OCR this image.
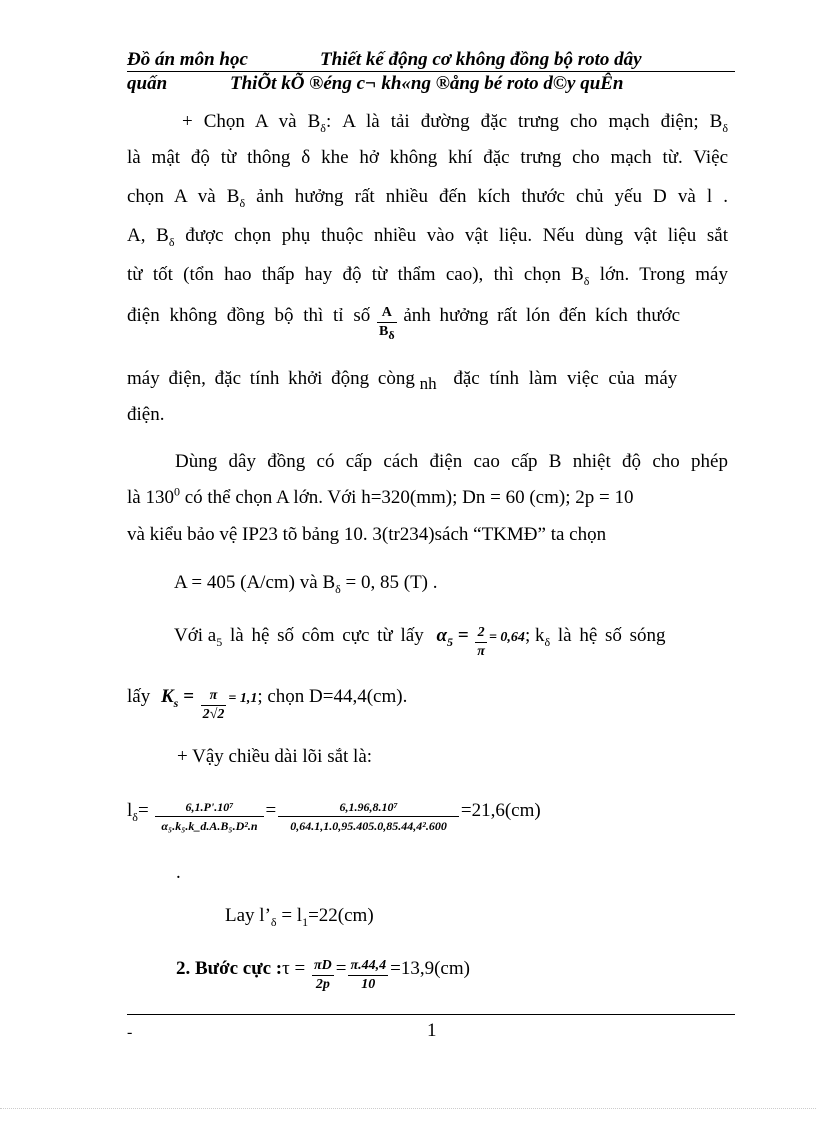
Đồ án môn học	Thiết kế động cơ không đồng bộ roto dây
quấn	ThiÕt kÕ ®éng c¬ kh«ng ®ång bé roto d©y quÊn
+ Chọn A và $B_\delta$: A là tải đường đặc trưng cho mạch điện; $B_\delta$
là mật độ từ thông δ khe hở không khí đặc trưng cho mạch từ. Việc
chọn A và $B_\delta$ ảnh hưởng rất nhiều đến kích thước chủ yếu D và l .
A, $B_\delta$ được chọn phụ thuộc nhiều vào vật liệu. Nếu dùng vật liệu sắt
từ tốt (tổn hao thấp hay độ từ thẩm cao), thì chọn $B_\delta$ lớn. Trong máy
điện không đồng bộ thì tỉ số $\frac{A}{B_\delta}$ ảnh hưởng rất lón đến kích thước
máy điện, đặc tính khởi động còng $_{nh}$ đặc tính làm việc của máy
điện.
Dùng dây đồng có cấp cách điện cao cấp B nhiệt độ cho phép
là $130^0$ có thể chọn A lớn. Với h=320(mm); Dn = 60 (cm); 2p = 10
và kiểu bảo vệ IP23 tõ bảng 10. 3(tr234)sách “TKMĐ” ta chọn
A = 405 (A/cm) và $B_\delta = 0$, 85 (T) .
Với $a_5$ là hệ số côm cực từ lấy $\alpha_5 = \frac{2}{\pi} = 0,64$; $k_\delta$ là hệ số sóng
lấy $K_s = \frac{\pi}{2√2} = 1,1$; chọn D=44,4(cm).
+ Vậy chiều dài lõi sắt là:
$l_\delta= \frac{\text{6,1.P'.10⁷}}{\text{α₅.k₅.k\_d.A.B₅.D².n}} = \frac{\text{6,1.96,8.10⁷}}{\text{0,64.1,1.0,95.405.0,85.44,4².600}} =21,6(cm)$
.
Lay $l’_\delta = l_1=22(cm)$
2. Bước cực :τ = $\frac{\pi D}{2p} = \frac{\pi.44,4}{10} =13,9(cm)$
-	1
